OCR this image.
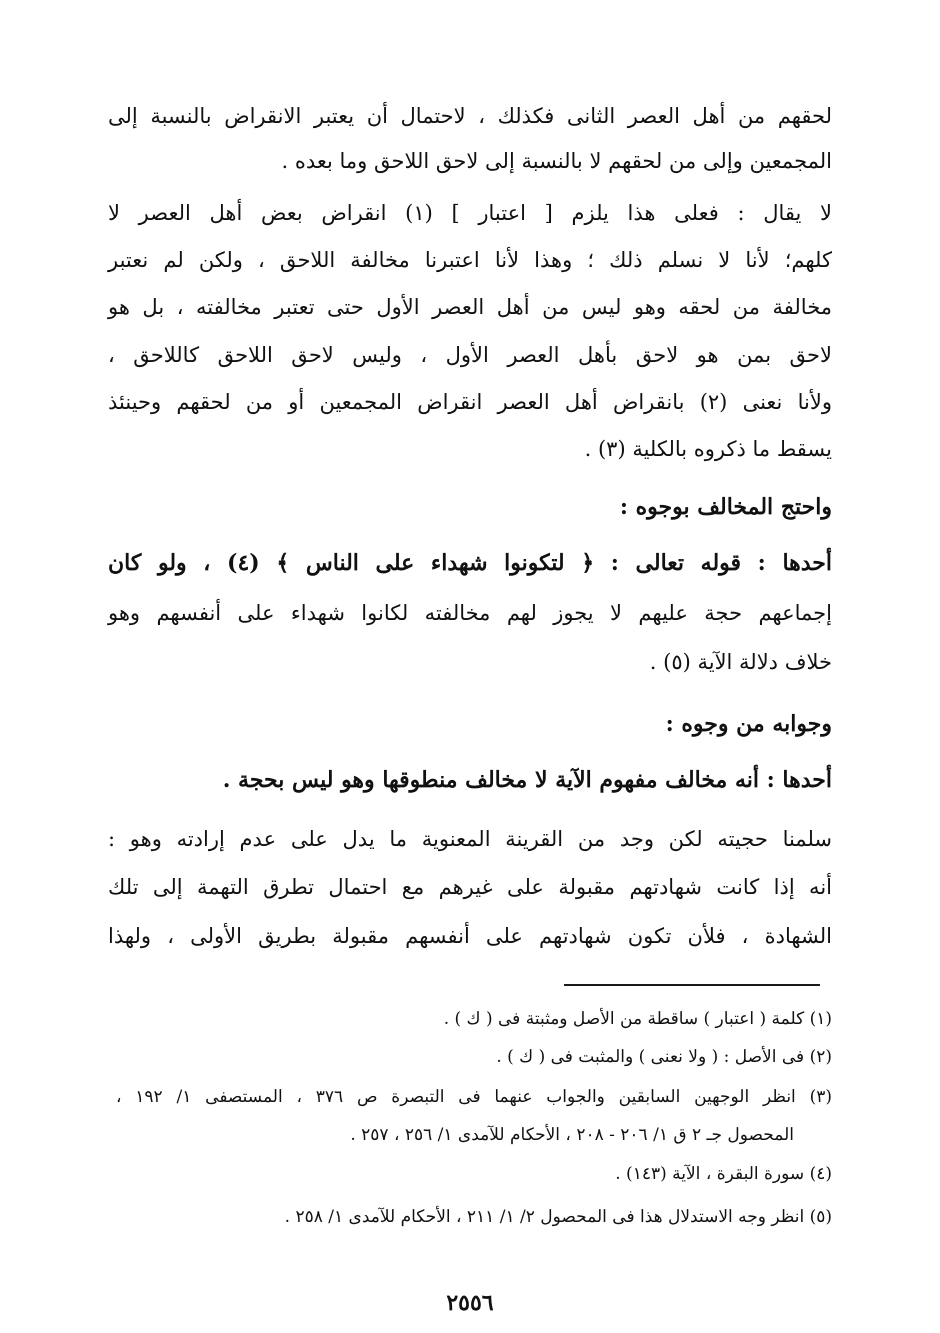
لحقهم من أهل العصر الثانى فكذلك ، لاحتمال أن يعتبر الانقراض بالنسبة إلى
المجمعين وإلى من لحقهم لا بالنسبة إلى لاحق اللاحق وما بعده .
لا يقال : فعلى هذا يلزم [ اعتبار ] (١) انقراض بعض أهل العصر لا
كلهم؛ لأنا لا نسلم ذلك ؛ وهذا لأنا اعتبرنا مخالفة اللاحق ، ولكن لم نعتبر
مخالفة من لحقه وهو ليس من أهل العصر الأول حتى تعتبر مخالفته ، بل هو
لاحق بمن هو لاحق بأهل العصر الأول ، وليس لاحق اللاحق كاللاحق ،
ولأنا نعنى (٢) بانقراض أهل العصر انقراض المجمعين أو من لحقهم وحينئذ
يسقط ما ذكروه بالكلية (٣) .
واحتج المخالف بوجوه :
أحدها : قوله تعالى : ﴿ لتكونوا شهداء على الناس ﴾ (٤) ، ولو كان
إجماعهم حجة عليهم لا يجوز لهم مخالفته لكانوا شهداء على أنفسهم وهو
خلاف دلالة الآية (٥) .
وجوابه من وجوه :
أحدها : أنه مخالف مفهوم الآية لا مخالف منطوقها وهو ليس بحجة .
سلمنا حجيته لكن وجد من القرينة المعنوية ما يدل على عدم إرادته وهو :
أنه إذا كانت شهادتهم مقبولة على غيرهم مع احتمال تطرق التهمة إلى تلك
الشهادة ، فلأن تكون شهادتهم على أنفسهم مقبولة بطريق الأولى ، ولهذا
(١) كلمة ( اعتبار ) ساقطة من الأصل ومثبتة فى ( ك ) .
(٢) فى الأصل : ( ولا نعنى ) والمثبت فى ( ك ) .
(٣) انظر الوجهين السابقين والجواب عنهما فى التبصرة ص ٣٧٦ ، المستصفى ١/ ١٩٢ ،
المحصول جـ ٢ ق ١/ ٢٠٦ - ٢٠٨ ، الأحكام للآمدى ١/ ٢٥٦ ، ٢٥٧ .
(٤) سورة البقرة ، الآية (١٤٣) .
(٥) انظر وجه الاستدلال هذا فى المحصول ٢/ ١/ ٢١١ ، الأحكام للآمدى ١/ ٢٥٨ .
٢٥٥٦
